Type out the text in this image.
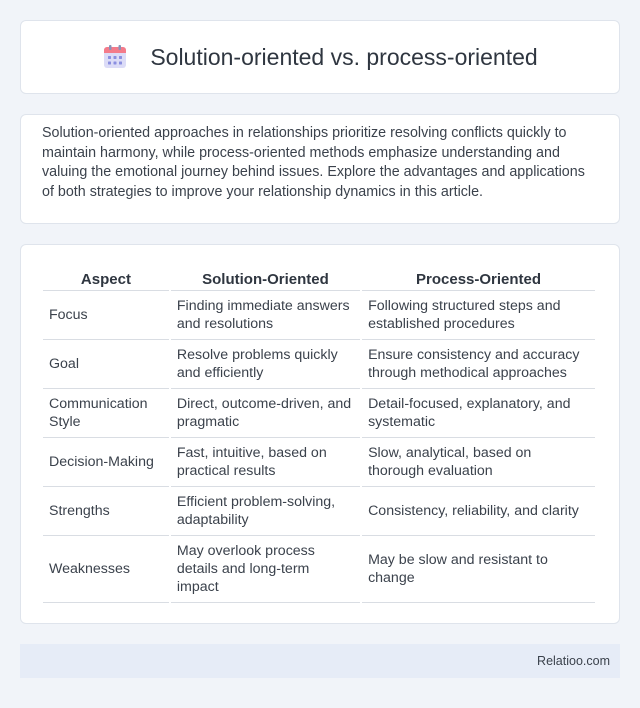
Solution-oriented vs. process-oriented

Solution-oriented approaches in relationships prioritize resolving conflicts quickly to maintain harmony, while process-oriented methods emphasize understanding and valuing the emotional journey behind issues. Explore the advantages and applications of both strategies to improve your relationship dynamics in this article.

Aspect	Solution-Oriented	Process-Oriented
Focus	Finding immediate answers and resolutions	Following structured steps and established procedures
Goal	Resolve problems quickly and efficiently	Ensure consistency and accuracy through methodical approaches
Communication Style	Direct, outcome-driven, and pragmatic	Detail-focused, explanatory, and systematic
Decision-Making	Fast, intuitive, based on practical results	Slow, analytical, based on thorough evaluation
Strengths	Efficient problem-solving, adaptability	Consistency, reliability, and clarity
Weaknesses	May overlook process details and long-term impact	May be slow and resistant to change
Relatioo.com
